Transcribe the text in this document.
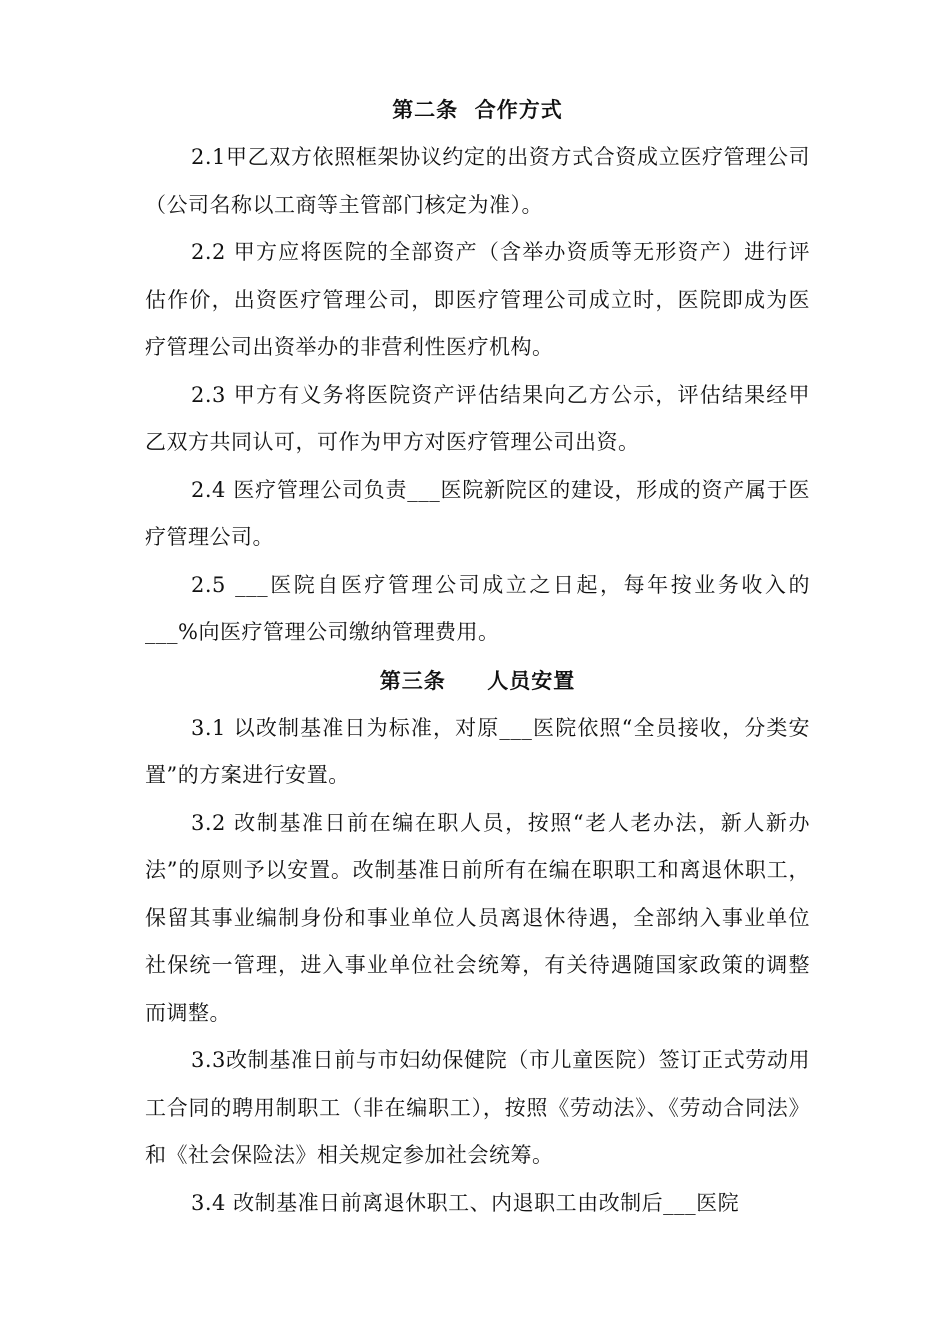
第二条  合作方式

2.1甲乙双方依照框架协议约定的出资方式合资成立医疗管理公司（公司名称以工商等主管部门核定为准）。

2.2 甲方应将医院的全部资产（含举办资质等无形资产）进行评估作价，出资医疗管理公司，即医疗管理公司成立时，医院即成为医疗管理公司出资举办的非营利性医疗机构。

2.3 甲方有义务将医院资产评估结果向乙方公示，评估结果经甲乙双方共同认可，可作为甲方对医疗管理公司出资。

2.4 医疗管理公司负责___医院新院区的建设，形成的资产属于医疗管理公司。

2.5 ___医院自医疗管理公司成立之日起，每年按业务收入的___%向医疗管理公司缴纳管理费用。

第三条     人员安置

3.1 以改制基准日为标准，对原___医院依照“全员接收，分类安置”的方案进行安置。

3.2 改制基准日前在编在职人员，按照“老人老办法，新人新办法”的原则予以安置。改制基准日前所有在编在职职工和离退休职工，保留其事业编制身份和事业单位人员离退休待遇，全部纳入事业单位社保统一管理，进入事业单位社会统筹，有关待遇随国家政策的调整而调整。

3.3改制基准日前与市妇幼保健院（市儿童医院）签订正式劳动用工合同的聘用制职工（非在编职工），按照《劳动法》、《劳动合同法》和《社会保险法》相关规定参加社会统筹。

3.4 改制基准日前离退休职工、内退职工由改制后___医院
